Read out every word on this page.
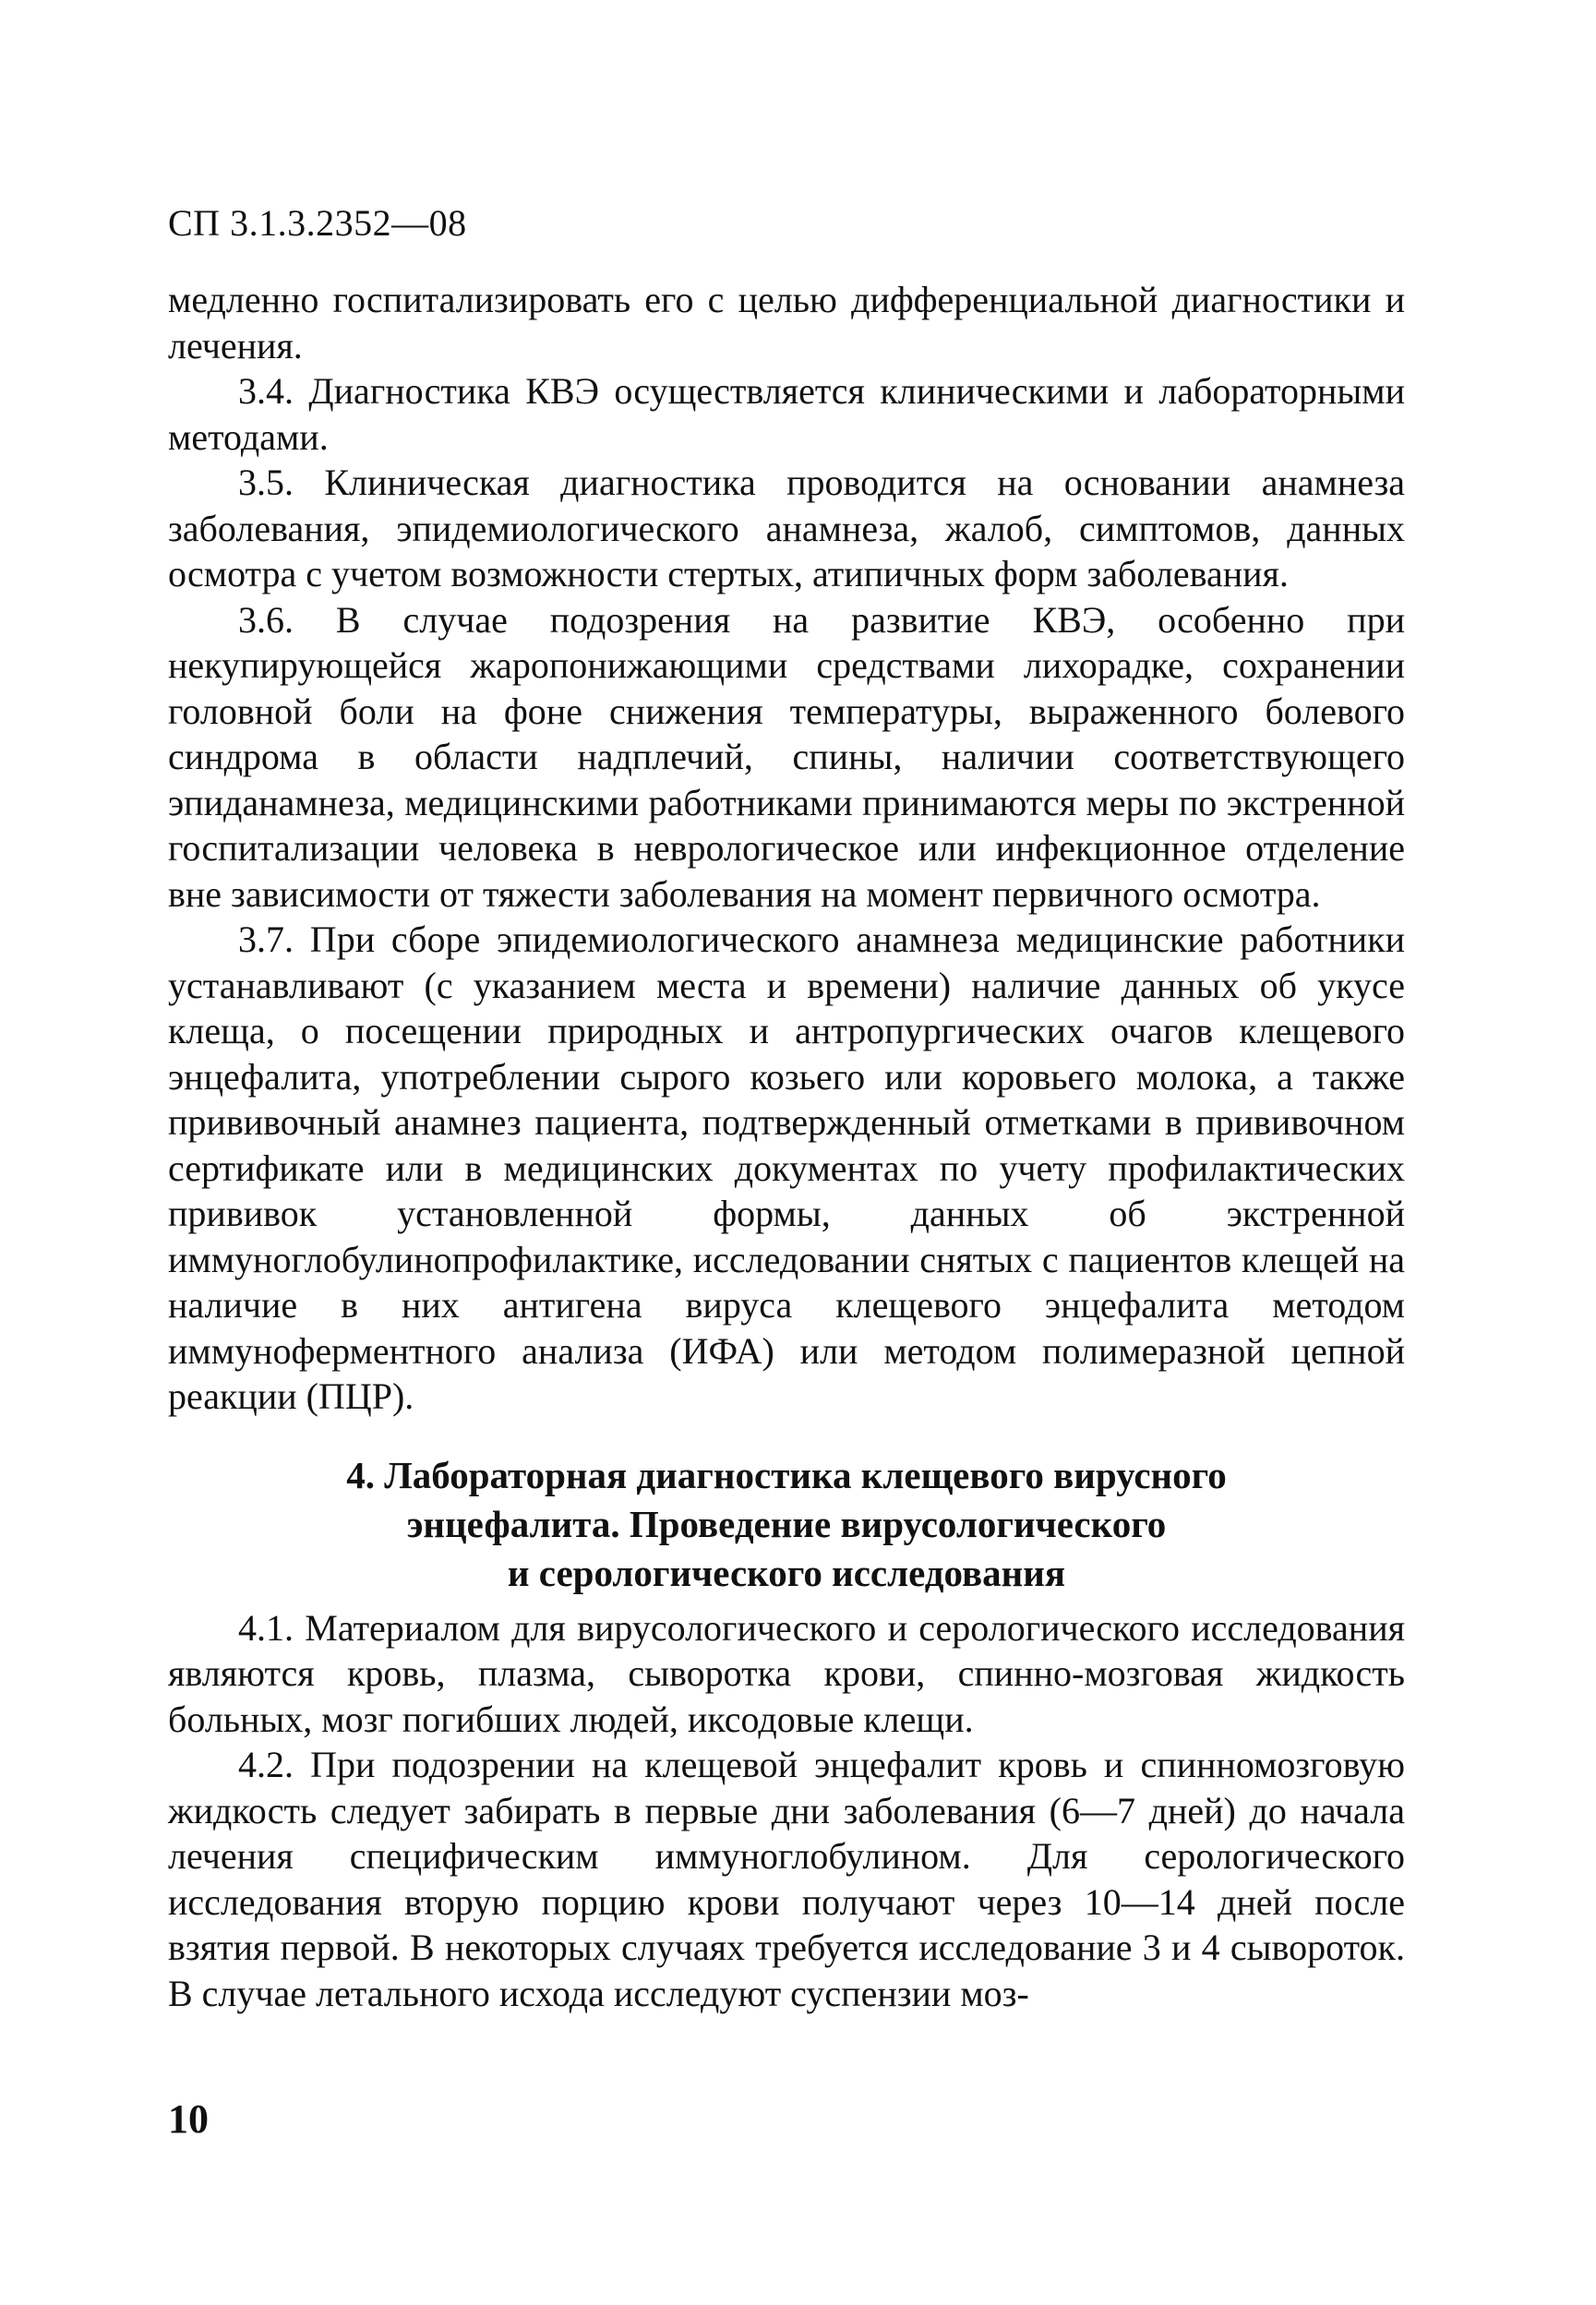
СП 3.1.3.2352—08

медленно госпитализировать его с целью дифференциальной диагностики и лечения.

3.4. Диагностика КВЭ осуществляется клиническими и лабораторными методами.

3.5. Клиническая диагностика проводится на основании анамнеза заболевания, эпидемиологического анамнеза, жалоб, симптомов, данных осмотра с учетом возможности стертых, атипичных форм заболевания.

3.6. В случае подозрения на развитие КВЭ, особенно при некупирующейся жаропонижающими средствами лихорадке, сохранении головной боли на фоне снижения температуры, выраженного болевого синдрома в области надплечий, спины, наличии соответствующего эпиданамнеза, медицинскими работниками принимаются меры по экстренной госпитализации человека в неврологическое или инфекционное отделение вне зависимости от тяжести заболевания на момент первичного осмотра.

3.7. При сборе эпидемиологического анамнеза медицинские работники устанавливают (с указанием места и времени) наличие данных об укусе клеща, о посещении природных и антропургических очагов клещевого энцефалита, употреблении сырого козьего или коровьего молока, а также прививочный анамнез пациента, подтвержденный отметками в прививочном сертификате или в медицинских документах по учету профилактических прививок установленной формы, данных об экстренной иммуноглобулинопрофилактике, исследовании снятых с пациентов клещей на наличие в них антигена вируса клещевого энцефалита методом иммуноферментного анализа (ИФА) или методом полимеразной цепной реакции (ПЦР).

4. Лабораторная диагностика клещевого вирусного
энцефалита. Проведение вирусологического
и серологического исследования

4.1. Материалом для вирусологического и серологического исследования являются кровь, плазма, сыворотка крови, спинно-мозговая жидкость больных, мозг погибших людей, иксодовые клещи.

4.2. При подозрении на клещевой энцефалит кровь и спинномозговую жидкость следует забирать в первые дни заболевания (6—7 дней) до начала лечения специфическим иммуноглобулином. Для серологического исследования вторую порцию крови получают через 10—14 дней после взятия первой. В некоторых случаях требуется исследование 3 и 4 сывороток. В случае летального исхода исследуют суспензии моз-

10
